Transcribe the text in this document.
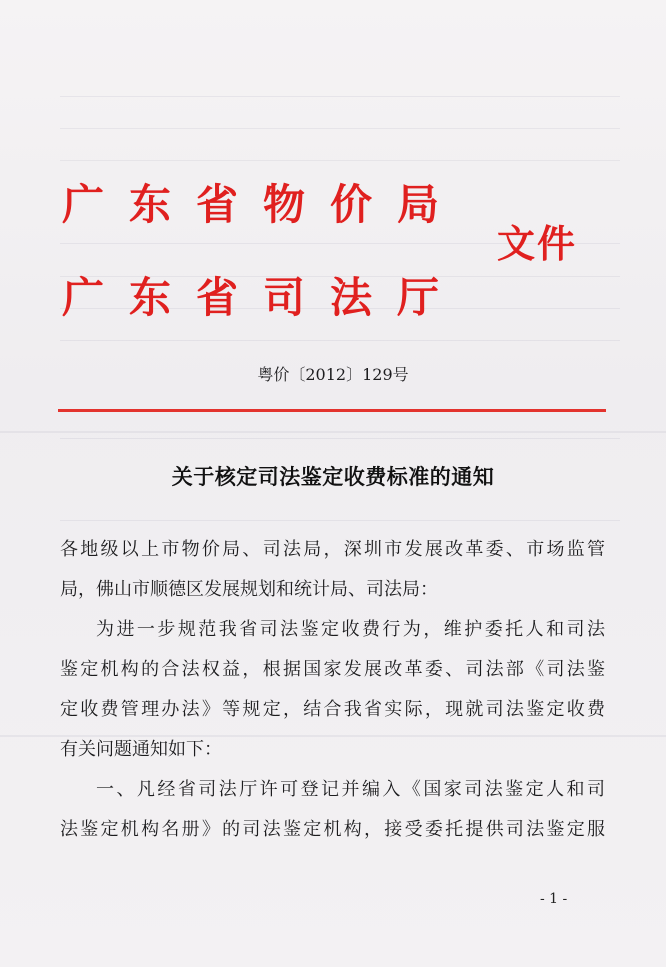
广东省物价局
广东省司法厅
文件
粤价〔2012〕129号
关于核定司法鉴定收费标准的通知
各地级以上市物价局、司法局，深圳市发展改革委、市场监管
局，佛山市顺德区发展规划和统计局、司法局：
为进一步规范我省司法鉴定收费行为，维护委托人和司法
鉴定机构的合法权益，根据国家发展改革委、司法部《司法鉴
定收费管理办法》等规定，结合我省实际，现就司法鉴定收费
有关问题通知如下：
一、凡经省司法厅许可登记并编入《国家司法鉴定人和司
法鉴定机构名册》的司法鉴定机构，接受委托提供司法鉴定服
- 1 -
